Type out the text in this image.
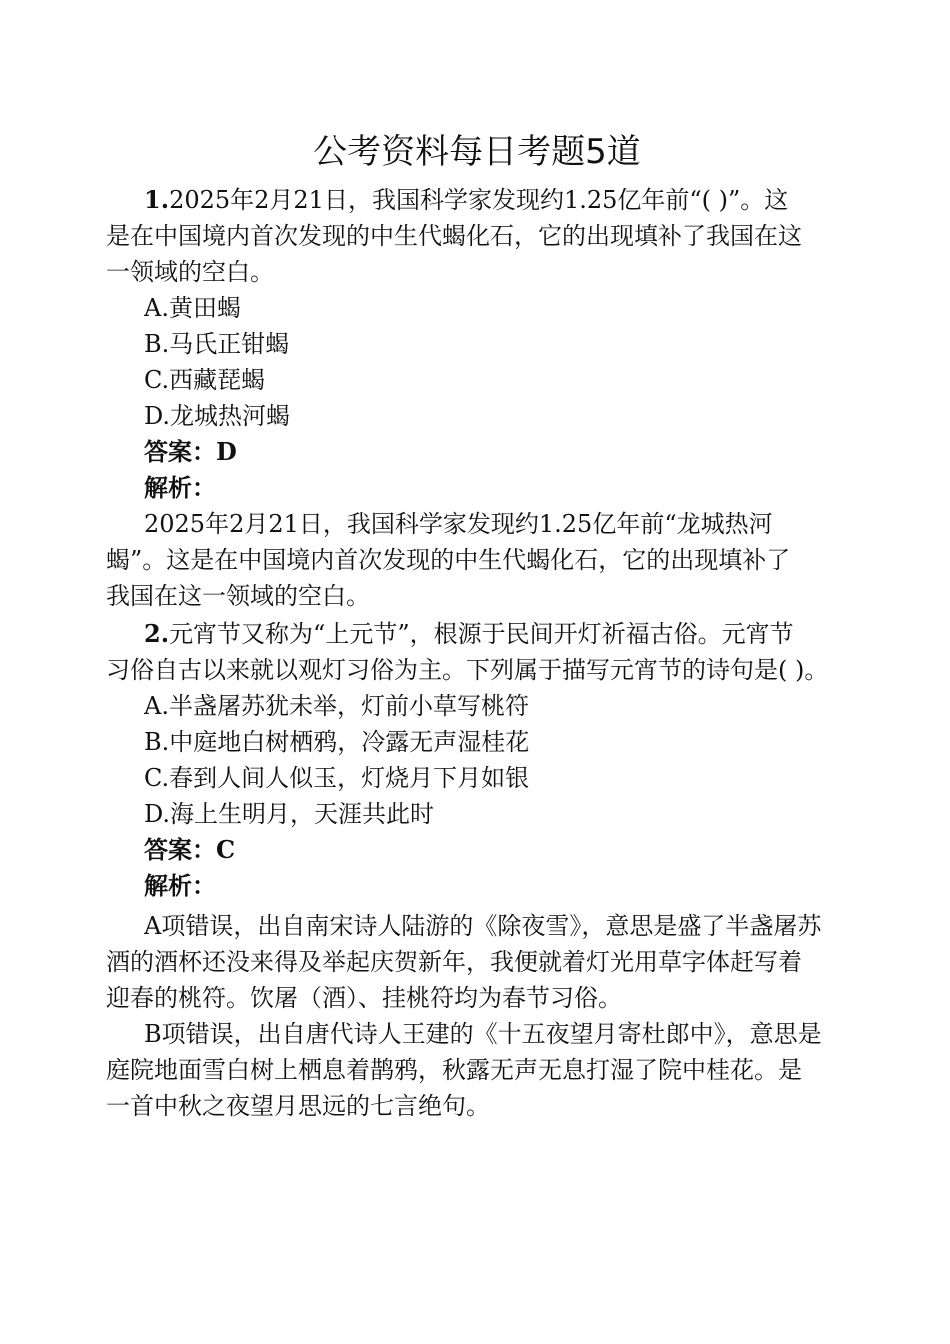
公考资料每日考题5道
1.2025年2月21日，我国科学家发现约1.25亿年前“( )”。这
是在中国境内首次发现的中生代蝎化石，它的出现填补了我国在这
一领域的空白。
A.黄田蝎
B.马氏正钳蝎
C.西藏琵蝎
D.龙城热河蝎
答案：D
解析：
2025年2月21日，我国科学家发现约1.25亿年前“龙城热河
蝎”。这是在中国境内首次发现的中生代蝎化石，它的出现填补了
我国在这一领域的空白。
2.元宵节又称为“上元节”，根源于民间开灯祈福古俗。元宵节
习俗自古以来就以观灯习俗为主。下列属于描写元宵节的诗句是( )。
A.半盏屠苏犹未举，灯前小草写桃符
B.中庭地白树栖鸦，冷露无声湿桂花
C.春到人间人似玉，灯烧月下月如银
D.海上生明月，天涯共此时
答案：C
解析：
A项错误，出自南宋诗人陆游的《除夜雪》，意思是盛了半盏屠苏
酒的酒杯还没来得及举起庆贺新年，我便就着灯光用草字体赶写着
迎春的桃符。饮屠（酒）、挂桃符均为春节习俗。
B项错误，出自唐代诗人王建的《十五夜望月寄杜郎中》，意思是
庭院地面雪白树上栖息着鹊鸦，秋露无声无息打湿了院中桂花。是
一首中秋之夜望月思远的七言绝句。
